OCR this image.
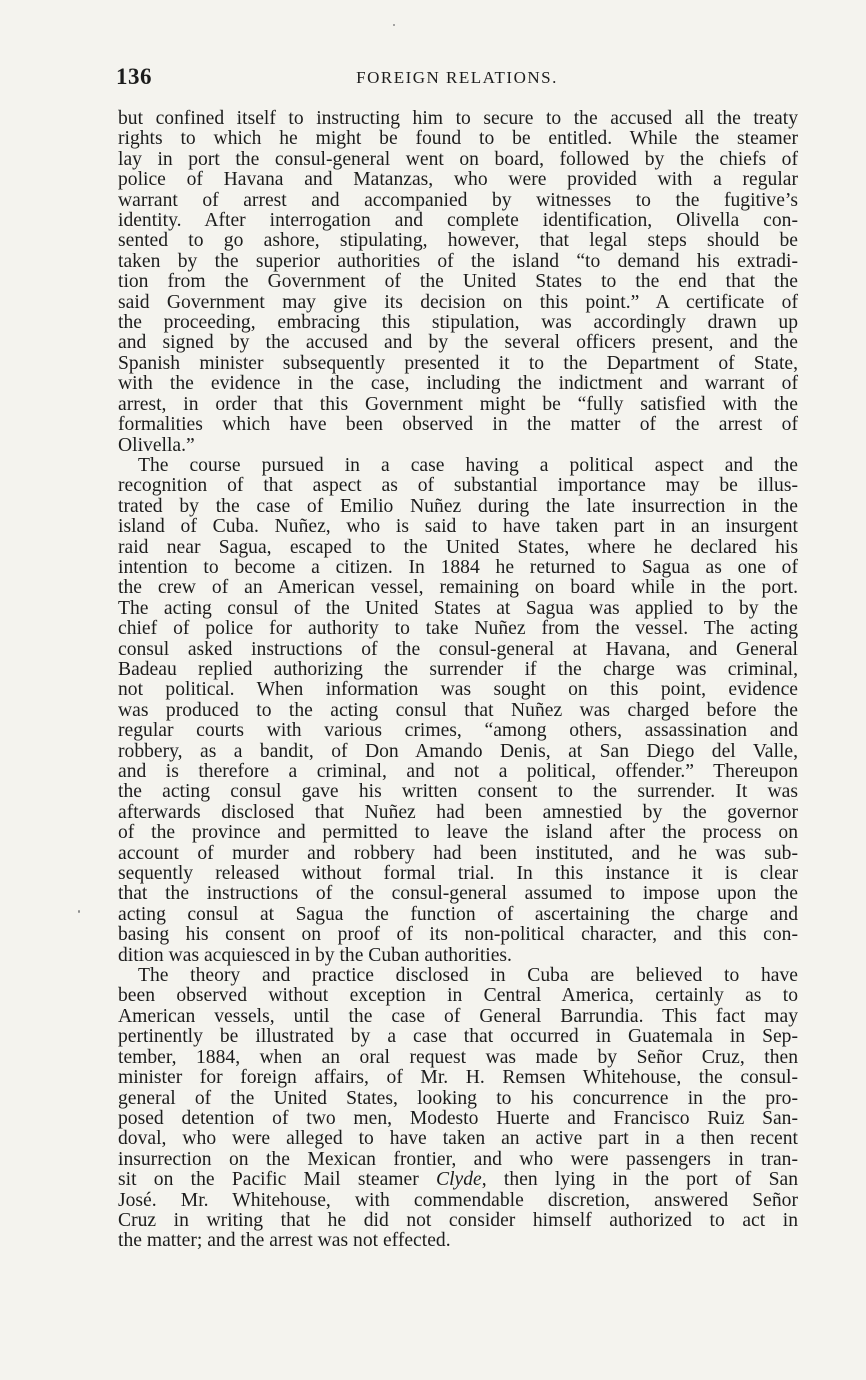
136	FOREIGN RELATIONS.

but confined itself to instructing him to secure to the accused all the treaty
rights to which he might be found to be entitled. While the steamer
lay in port the consul-general went on board, followed by the chiefs of
police of Havana and Matanzas, who were provided with a regular
warrant of arrest and accompanied by witnesses to the fugitive’s
identity. After interrogation and complete identification, Olivella con-
sented to go ashore, stipulating, however, that legal steps should be
taken by the superior authorities of the island “to demand his extradi-
tion from the Government of the United States to the end that the
said Government may give its decision on this point.” A certificate of
the proceeding, embracing this stipulation, was accordingly drawn up
and signed by the accused and by the several officers present, and the
Spanish minister subsequently presented it to the Department of State,
with the evidence in the case, including the indictment and warrant of
arrest, in order that this Government might be “fully satisfied with the
formalities which have been observed in the matter of the arrest of
Olivella.”

The course pursued in a case having a political aspect and the
recognition of that aspect as of substantial importance may be illus-
trated by the case of Emilio Nuñez during the late insurrection in the
island of Cuba. Nuñez, who is said to have taken part in an insurgent
raid near Sagua, escaped to the United States, where he declared his
intention to become a citizen. In 1884 he returned to Sagua as one of
the crew of an American vessel, remaining on board while in the port.
The acting consul of the United States at Sagua was applied to by the
chief of police for authority to take Nuñez from the vessel. The acting
consul asked instructions of the consul-general at Havana, and General
Badeau replied authorizing the surrender if the charge was criminal,
not political. When information was sought on this point, evidence
was produced to the acting consul that Nuñez was charged before the
regular courts with various crimes, “among others, assassination and
robbery, as a bandit, of Don Amando Denis, at San Diego del Valle,
and is therefore a criminal, and not a political, offender.” Thereupon
the acting consul gave his written consent to the surrender. It was
afterwards disclosed that Nuñez had been amnestied by the governor
of the province and permitted to leave the island after the process on
account of murder and robbery had been instituted, and he was sub-
sequently released without formal trial. In this instance it is clear
that the instructions of the consul-general assumed to impose upon the
acting consul at Sagua the function of ascertaining the charge and
basing his consent on proof of its non-political character, and this con-
dition was acquiesced in by the Cuban authorities.

The theory and practice disclosed in Cuba are believed to have
been observed without exception in Central America, certainly as to
American vessels, until the case of General Barrundia. This fact may
pertinently be illustrated by a case that occurred in Guatemala in Sep-
tember, 1884, when an oral request was made by Señor Cruz, then
minister for foreign affairs, of Mr. H. Remsen Whitehouse, the consul-
general of the United States, looking to his concurrence in the pro-
posed detention of two men, Modesto Huerte and Francisco Ruiz San-
doval, who were alleged to have taken an active part in a then recent
insurrection on the Mexican frontier, and who were passengers in tran-
sit on the Pacific Mail steamer Clyde, then lying in the port of San
José. Mr. Whitehouse, with commendable discretion, answered Señor
Cruz in writing that he did not consider himself authorized to act in
the matter; and the arrest was not effected.
